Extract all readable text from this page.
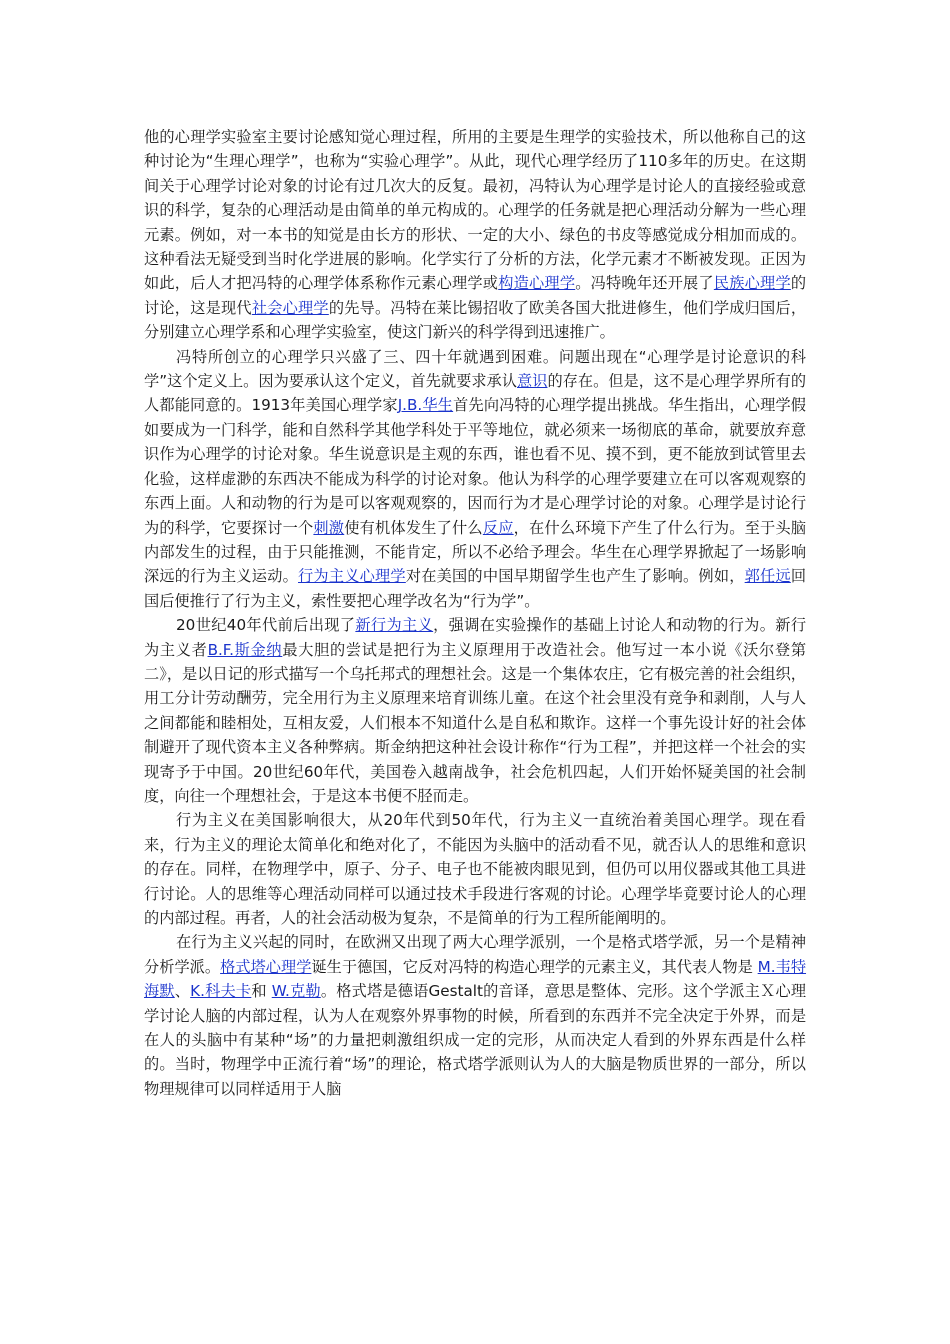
他的心理学实验室主要讨论感知觉心理过程，所用的主要是生理学的实验技术，所以他称自己的这种讨论为“生理心理学”，也称为“实验心理学”。从此，现代心理学经历了110多年的历史。在这期间关于心理学讨论对象的讨论有过几次大的反复。最初，冯特认为心理学是讨论人的直接经验或意识的科学，复杂的心理活动是由简单的单元构成的。心理学的任务就是把心理活动分解为一些心理元素。例如，对一本书的知觉是由长方的形状、一定的大小、绿色的书皮等感觉成分相加而成的。这种看法无疑受到当时化学进展的影响。化学实行了分析的方法，化学元素才不断被发现。正因为如此，后人才把冯特的心理学体系称作元素心理学或构造心理学。冯特晚年还开展了民族心理学的讨论，这是现代社会心理学的先导。冯特在莱比锡招收了欧美各国大批进修生，他们学成归国后，分别建立心理学系和心理学实验室，使这门新兴的科学得到迅速推广。

冯特所创立的心理学只兴盛了三、四十年就遇到困难。问题出现在“心理学是讨论意识的科学”这个定义上。因为要承认这个定义，首先就要求承认意识的存在。但是，这不是心理学界所有的人都能同意的。1913年美国心理学家J.B.华生首先向冯特的心理学提出挑战。华生指出，心理学假如要成为一门科学，能和自然科学其他学科处于平等地位，就必须来一场彻底的革命，就要放弃意识作为心理学的讨论对象。华生说意识是主观的东西，谁也看不见、摸不到，更不能放到试管里去化验，这样虚渺的东西决不能成为科学的讨论对象。他认为科学的心理学要建立在可以客观观察的东西上面。人和动物的行为是可以客观观察的，因而行为才是心理学讨论的对象。心理学是讨论行为的科学，它要探讨一个刺激使有机体发生了什么反应，在什么环境下产生了什么行为。至于头脑内部发生的过程，由于只能推测，不能肯定，所以不必给予理会。华生在心理学界掀起了一场影响深远的行为主义运动。行为主义心理学对在美国的中国早期留学生也产生了影响。例如，郭任远回国后便推行了行为主义，索性要把心理学改名为“行为学”。

20世纪40年代前后出现了新行为主义，强调在实验操作的基础上讨论人和动物的行为。新行为主义者B.F.斯金纳最大胆的尝试是把行为主义原理用于改造社会。他写过一本小说《沃尔登第二》，是以日记的形式描写一个乌托邦式的理想社会。这是一个集体农庄，它有极完善的社会组织，用工分计劳动酬劳，完全用行为主义原理来培育训练儿童。在这个社会里没有竞争和剥削，人与人之间都能和睦相处，互相友爱，人们根本不知道什么是自私和欺诈。这样一个事先设计好的社会体制避开了现代资本主义各种弊病。斯金纳把这种社会设计称作“行为工程”，并把这样一个社会的实现寄予于中国。20世纪60年代，美国卷入越南战争，社会危机四起，人们开始怀疑美国的社会制度，向往一个理想社会，于是这本书便不胫而走。

行为主义在美国影响很大，从20年代到50年代，行为主义一直统治着美国心理学。现在看来，行为主义的理论太简单化和绝对化了，不能因为头脑中的活动看不见，就否认人的思维和意识的存在。同样，在物理学中，原子、分子、电子也不能被肉眼见到，但仍可以用仪器或其他工具进行讨论。人的思维等心理活动同样可以通过技术手段进行客观的讨论。心理学毕竟要讨论人的心理的内部过程。再者，人的社会活动极为复杂，不是简单的行为工程所能阐明的。

在行为主义兴起的同时，在欧洲又出现了两大心理学派别，一个是格式塔学派，另一个是精神分析学派。格式塔心理学诞生于德国，它反对冯特的构造心理学的元素主义，其代表人物是 M.韦特海默、K.科夫卡和 W.克勒。格式塔是德语Gestalt的音译，意思是整体、完形。这个学派主Ｘ心理学讨论人脑的内部过程，认为人在观察外界事物的时候，所看到的东西并不完全决定于外界，而是在人的头脑中有某种“场”的力量把刺激组织成一定的完形，从而决定人看到的外界东西是什么样的。当时，物理学中正流行着“场”的理论，格式塔学派则认为人的大脑是物质世界的一部分，所以物理规律可以同样适用于人脑
